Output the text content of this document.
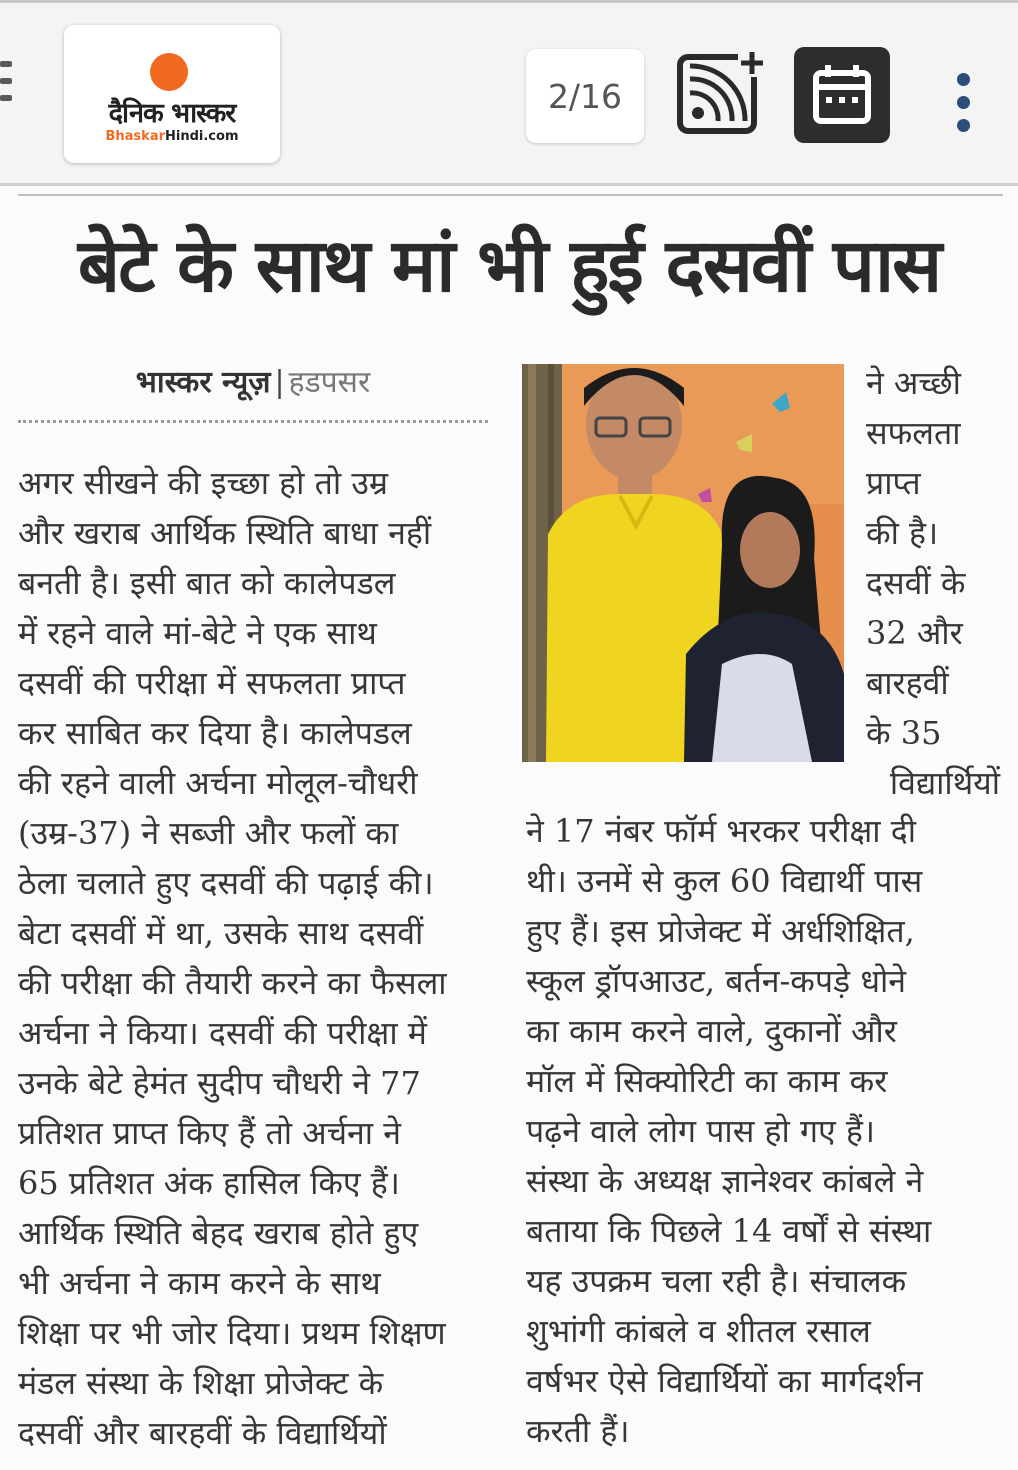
दैनिक भास्कर
BhaskarHindi.com
2/16
बेटे के साथ मां भी हुई दसवीं पास
भास्कर न्यूज़ | हडपसर
अगर सीखने की इच्छा हो तो उम्र
और खराब आर्थिक स्थिति बाधा नहीं
बनती है। इसी बात को कालेपडल
में रहने वाले मां-बेटे ने एक साथ
दसवीं की परीक्षा में सफलता प्राप्त
कर साबित कर दिया है। कालेपडल
की रहने वाली अर्चना मोलूल-चौधरी
(उम्र-37) ने सब्जी और फलों का
ठेला चलाते हुए दसवीं की पढ़ाई की।
बेटा दसवीं में था, उसके साथ दसवीं
की परीक्षा की तैयारी करने का फैसला
अर्चना ने किया। दसवीं की परीक्षा में
उनके बेटे हेमंत सुदीप चौधरी ने 77
प्रतिशत प्राप्त किए हैं तो अर्चना ने
65 प्रतिशत अंक हासिल किए हैं।
आर्थिक स्थिति बेहद खराब होते हुए
भी अर्चना ने काम करने के साथ
शिक्षा पर भी जोर दिया। प्रथम शिक्षण
मंडल संस्था के शिक्षा प्रोजेक्ट के
दसवीं और बारहवीं के विद्यार्थियों
ने अच्छी
सफलता
प्राप्त
की है।
दसवीं के
32 और
बारहवीं
के 35
विद्यार्थियों
ने 17 नंबर फॉर्म भरकर परीक्षा दी
थी। उनमें से कुल 60 विद्यार्थी पास
हुए हैं। इस प्रोजेक्ट में अर्धशिक्षित,
स्कूल ड्रॉपआउट, बर्तन-कपड़े धोने
का काम करने वाले, दुकानों और
मॉल में सिक्योरिटी का काम कर
पढ़ने वाले लोग पास हो गए हैं।
संस्था के अध्यक्ष ज्ञानेश्वर कांबले ने
बताया कि पिछले 14 वर्षों से संस्था
यह उपक्रम चला रही है। संचालक
शुभांगी कांबले व शीतल रसाल
वर्षभर ऐसे विद्यार्थियों का मार्गदर्शन
करती हैं।
